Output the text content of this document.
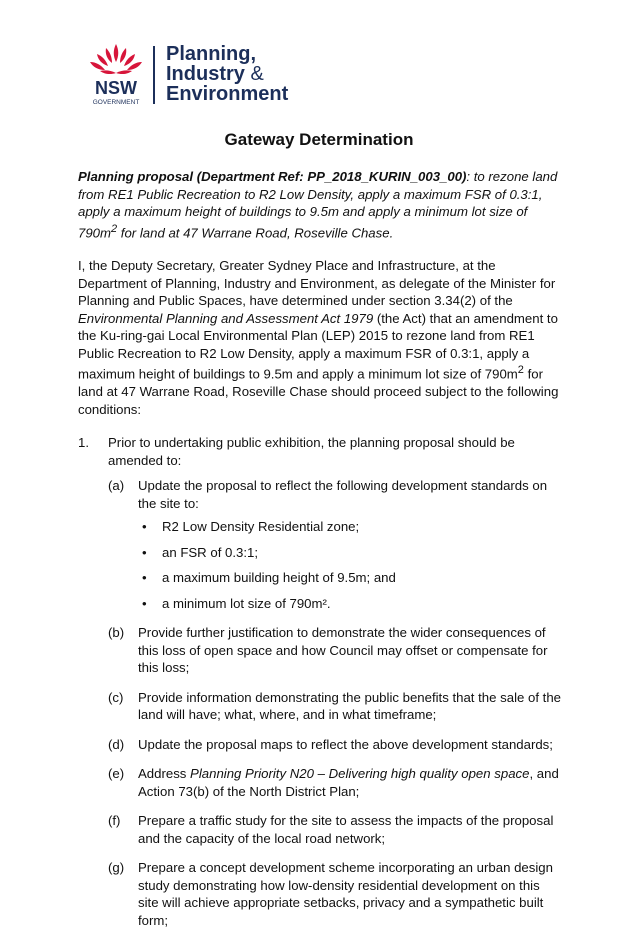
NSW
GOVERNMENT
Planning,
Industry &
Environment
Gateway Determination

Planning proposal (Department Ref: PP_2018_KURIN_003_00): to rezone land from RE1 Public Recreation to R2 Low Density, apply a maximum FSR of 0.3:1, apply a maximum height of buildings to 9.5m and apply a minimum lot size of $790m^2$ for land at 47 Warrane Road, Roseville Chase.

I, the Deputy Secretary, Greater Sydney Place and Infrastructure, at the Department of Planning, Industry and Environment, as delegate of the Minister for Planning and Public Spaces, have determined under section 3.34(2) of the Environmental Planning and Assessment Act 1979 (the Act) that an amendment to the Ku-ring-gai Local Environmental Plan (LEP) 2015 to rezone land from RE1 Public Recreation to R2 Low Density, apply a maximum FSR of 0.3:1, apply a maximum height of buildings to 9.5m and apply a minimum lot size of $790m^2$ for land at 47 Warrane Road, Roseville Chase should proceed subject to the following conditions:

1. Prior to undertaking public exhibition, the planning proposal should be amended to:
(a) Update the proposal to reflect the following development standards on the site to:
• R2 Low Density Residential zone;
• an FSR of 0.3:1;
• a maximum building height of 9.5m; and
• a minimum lot size of 790m².
(b) Provide further justification to demonstrate the wider consequences of this loss of open space and how Council may offset or compensate for this loss;
(c) Provide information demonstrating the public benefits that the sale of the land will have; what, where, and in what timeframe;
(d) Update the proposal maps to reflect the above development standards;
(e) Address Planning Priority N20 – Delivering high quality open space, and Action 73(b) of the North District Plan;
(f) Prepare a traffic study for the site to assess the impacts of the proposal and the capacity of the local road network;
(g) Prepare a concept development scheme incorporating an urban design study demonstrating how low-density residential development on this site will achieve appropriate setbacks, privacy and a sympathetic built form;
